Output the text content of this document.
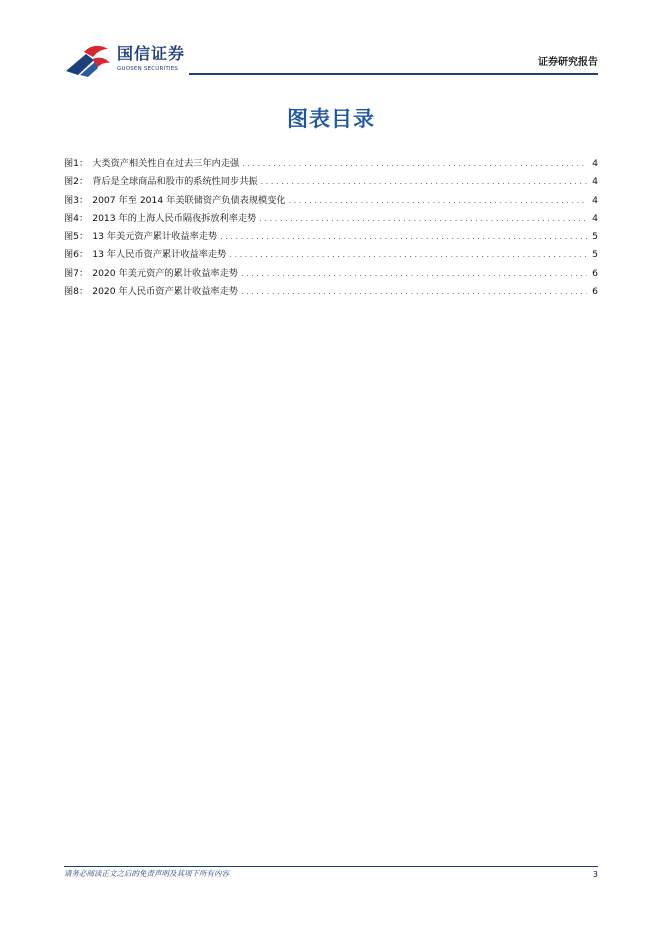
国信证券
GUOSEN SECURITIES
证券研究报告
图表目录
图1： 大类资产相关性自在过去三年内走强 .....	4
图2： 背后是全球商品和股市的系统性同步共振 .....	4
图3： 2007 年至 2014 年美联储资产负债表规模变化 .....	4
图4： 2013 年的上海人民币隔夜拆放利率走势 .....	4
图5： 13 年美元资产累计收益率走势 .....	5
图6： 13 年人民币资产累计收益率走势 .....	5
图7： 2020 年美元资产的累计收益率走势 .....	6
图8： 2020 年人民币资产累计收益率走势 .....	6
请务必阅读正文之后的免责声明及其项下所有内容	3
